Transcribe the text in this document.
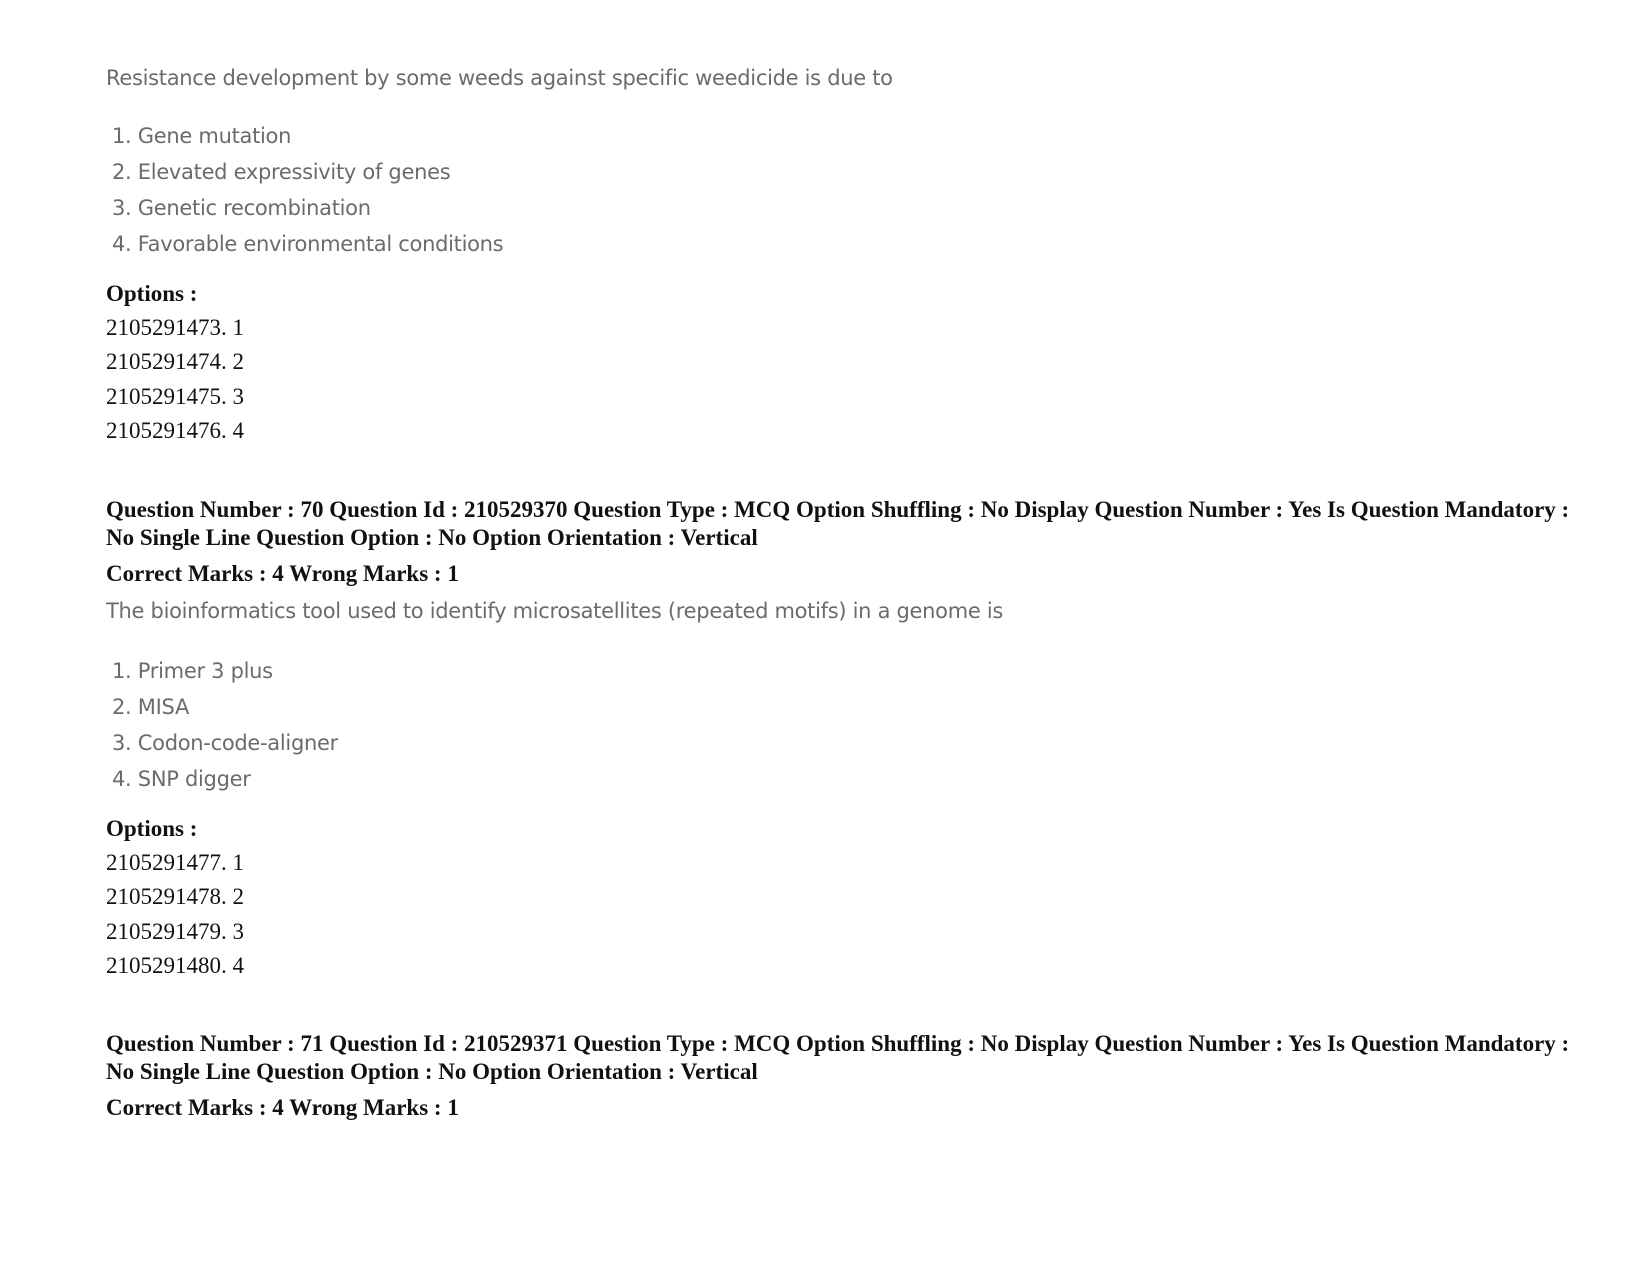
Resistance development by some weeds against specific weedicide is due to
1. Gene mutation
2. Elevated expressivity of genes
3. Genetic recombination
4. Favorable environmental conditions
Options :
2105291473. 1
2105291474. 2
2105291475. 3
2105291476. 4
Question Number : 70 Question Id : 210529370 Question Type : MCQ Option Shuffling : No Display Question Number : Yes Is Question Mandatory : No Single Line Question Option : No Option Orientation : Vertical
Correct Marks : 4 Wrong Marks : 1
The bioinformatics tool used to identify microsatellites (repeated motifs) in a genome is
1. Primer 3 plus
2. MISA
3. Codon-code-aligner
4. SNP digger
Options :
2105291477. 1
2105291478. 2
2105291479. 3
2105291480. 4
Question Number : 71 Question Id : 210529371 Question Type : MCQ Option Shuffling : No Display Question Number : Yes Is Question Mandatory : No Single Line Question Option : No Option Orientation : Vertical
Correct Marks : 4 Wrong Marks : 1
